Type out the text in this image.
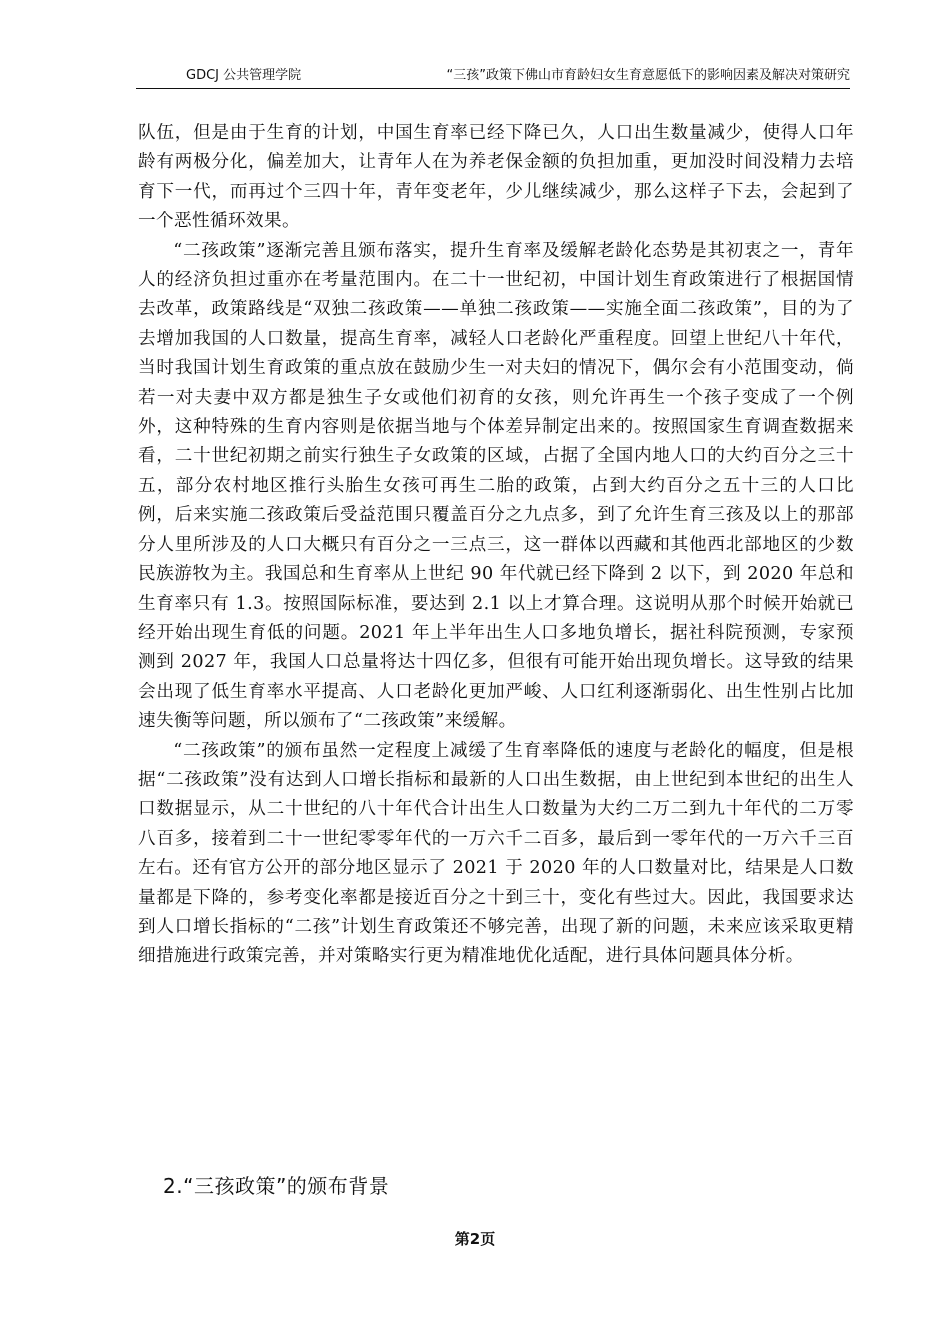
GDCJ 公共管理学院	“三孩”政策下佛山市育龄妇女生育意愿低下的影响因素及解决对策研究

队伍，但是由于生育的计划，中国生育率已经下降已久，人口出生数量减少，使得人口年龄有两极分化，偏差加大，让青年人在为养老保金额的负担加重，更加没时间没精力去培育下一代，而再过个三四十年，青年变老年，少儿继续减少，那么这样子下去，会起到了一个恶性循环效果。

“二孩政策”逐渐完善且颁布落实，提升生育率及缓解老龄化态势是其初衷之一，青年人的经济负担过重亦在考量范围内。在二十一世纪初，中国计划生育政策进行了根据国情去改革，政策路线是“双独二孩政策——单独二孩政策——实施全面二孩政策”，目的为了去增加我国的人口数量，提高生育率，减轻人口老龄化严重程度。回望上世纪八十年代，当时我国计划生育政策的重点放在鼓励少生一对夫妇的情况下，偶尔会有小范围变动，倘若一对夫妻中双方都是独生子女或他们初育的女孩，则允许再生一个孩子变成了一个例外，这种特殊的生育内容则是依据当地与个体差异制定出来的。按照国家生育调查数据来看，二十世纪初期之前实行独生子女政策的区域，占据了全国内地人口的大约百分之三十五，部分农村地区推行头胎生女孩可再生二胎的政策，占到大约百分之五十三的人口比例，后来实施二孩政策后受益范围只覆盖百分之九点多，到了允许生育三孩及以上的那部分人里所涉及的人口大概只有百分之一三点三，这一群体以西藏和其他西北部地区的少数民族游牧为主。我国总和生育率从上世纪 90 年代就已经下降到 2 以下，到 2020 年总和生育率只有 1.3。按照国际标准，要达到 2.1 以上才算合理。这说明从那个时候开始就已经开始出现生育低的问题。2021 年上半年出生人口多地负增长，据社科院预测，专家预测到 2027 年，我国人口总量将达十四亿多，但很有可能开始出现负增长。这导致的结果会出现了低生育率水平提高、人口老龄化更加严峻、人口红利逐渐弱化、出生性别占比加速失衡等问题，所以颁布了“二孩政策”来缓解。

“二孩政策”的颁布虽然一定程度上减缓了生育率降低的速度与老龄化的幅度，但是根据“二孩政策”没有达到人口增长指标和最新的人口出生数据，由上世纪到本世纪的出生人口数据显示，从二十世纪的八十年代合计出生人口数量为大约二万二到九十年代的二万零八百多，接着到二十一世纪零零年代的一万六千二百多，最后到一零年代的一万六千三百左右。还有官方公开的部分地区显示了 2021 于 2020 年的人口数量对比，结果是人口数量都是下降的，参考变化率都是接近百分之十到三十，变化有些过大。因此，我国要求达到人口增长指标的“二孩”计划生育政策还不够完善，出现了新的问题，未来应该采取更精细措施进行政策完善，并对策略实行更为精准地优化适配，进行具体问题具体分析。

2.“三孩政策”的颁布背景
第2页
